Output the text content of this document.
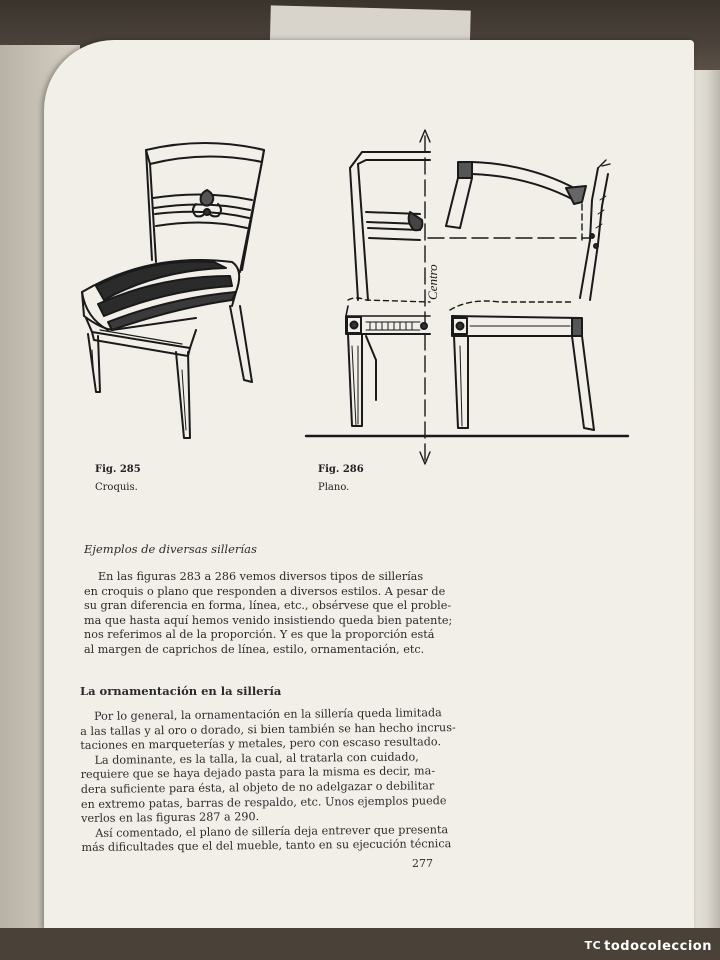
Centro
Fig. 285
Croquis.
Fig. 286
Plano.
Ejemplos de diversas sillerías
En las figuras 283 a 286 vemos diversos tipos de sillerías
en croquis o plano que responden a diversos estilos. A pesar de
su gran diferencia en forma, línea, etc., obsérvese que el proble-
ma que hasta aquí hemos venido insistiendo queda bien patente;
nos referimos al de la proporción. Y es que la proporción está
al margen de caprichos de línea, estilo, ornamentación, etc.
La ornamentación en la sillería
Por lo general, la ornamentación en la sillería queda limitada
a las tallas y al oro o dorado, si bien también se han hecho incrus-
taciones en marqueterías y metales, pero con escaso resultado.
La dominante, es la talla, la cual, al tratarla con cuidado,
requiere que se haya dejado pasta para la misma es decir, ma-
dera suficiente para ésta, al objeto de no adelgazar o debilitar
en extremo patas, barras de respaldo, etc. Unos ejemplos puede
verlos en las figuras 287 a 290.
Así comentado, el plano de sillería deja entrever que presenta
más dificultades que el del mueble, tanto en su ejecución técnica
277
TC todocoleccion
